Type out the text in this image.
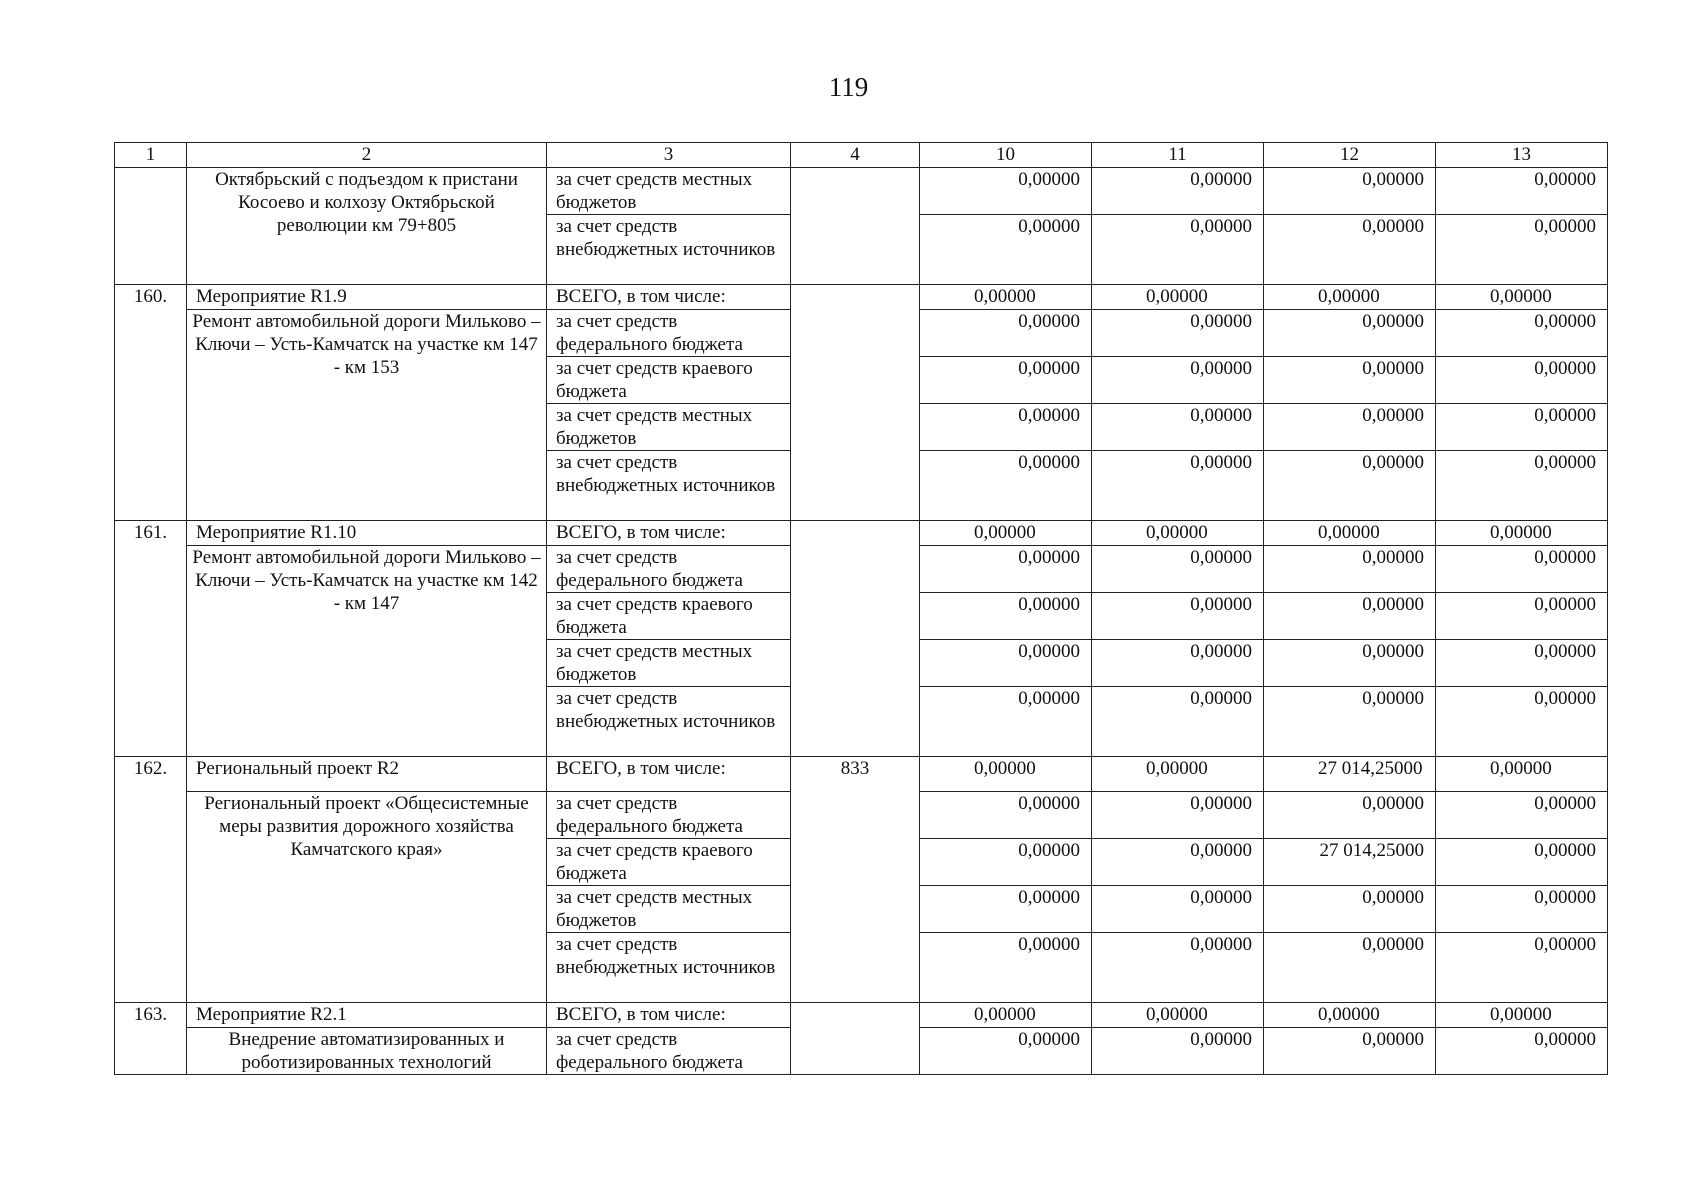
119
1	2	3	4	10	11	12	13
	Октябрьский с подъездом к пристани Косоево и колхозу Октябрьской революции км 79+805	за счет средств местных бюджетов		0,00000	0,00000	0,00000	0,00000
		за счет средств внебюджетных источников		0,00000	0,00000	0,00000	0,00000
160.	Мероприятие R1.9	ВСЕГО, в том числе:		0,00000	0,00000	0,00000	0,00000
	Ремонт автомобильной дороги Мильково – Ключи – Усть-Камчатск на участке км 147 - км 153	за счет средств федерального бюджета		0,00000	0,00000	0,00000	0,00000
		за счет средств краевого бюджета		0,00000	0,00000	0,00000	0,00000
		за счет средств местных бюджетов		0,00000	0,00000	0,00000	0,00000
		за счет средств внебюджетных источников		0,00000	0,00000	0,00000	0,00000
161.	Мероприятие R1.10	ВСЕГО, в том числе:		0,00000	0,00000	0,00000	0,00000
	Ремонт автомобильной дороги Мильково – Ключи – Усть-Камчатск на участке км 142 - км 147	за счет средств федерального бюджета		0,00000	0,00000	0,00000	0,00000
		за счет средств краевого бюджета		0,00000	0,00000	0,00000	0,00000
		за счет средств местных бюджетов		0,00000	0,00000	0,00000	0,00000
		за счет средств внебюджетных источников		0,00000	0,00000	0,00000	0,00000
162.	Региональный проект R2	ВСЕГО, в том числе:	833	0,00000	0,00000	27 014,25000	0,00000
	Региональный проект «Общесистемные меры развития дорожного хозяйства Камчатского края»	за счет средств федерального бюджета		0,00000	0,00000	0,00000	0,00000
		за счет средств краевого бюджета		0,00000	0,00000	27 014,25000	0,00000
		за счет средств местных бюджетов		0,00000	0,00000	0,00000	0,00000
		за счет средств внебюджетных источников		0,00000	0,00000	0,00000	0,00000
163.	Мероприятие R2.1	ВСЕГО, в том числе:		0,00000	0,00000	0,00000	0,00000
	Внедрение автоматизированных и роботизированных технологий	за счет средств федерального бюджета		0,00000	0,00000	0,00000	0,00000
